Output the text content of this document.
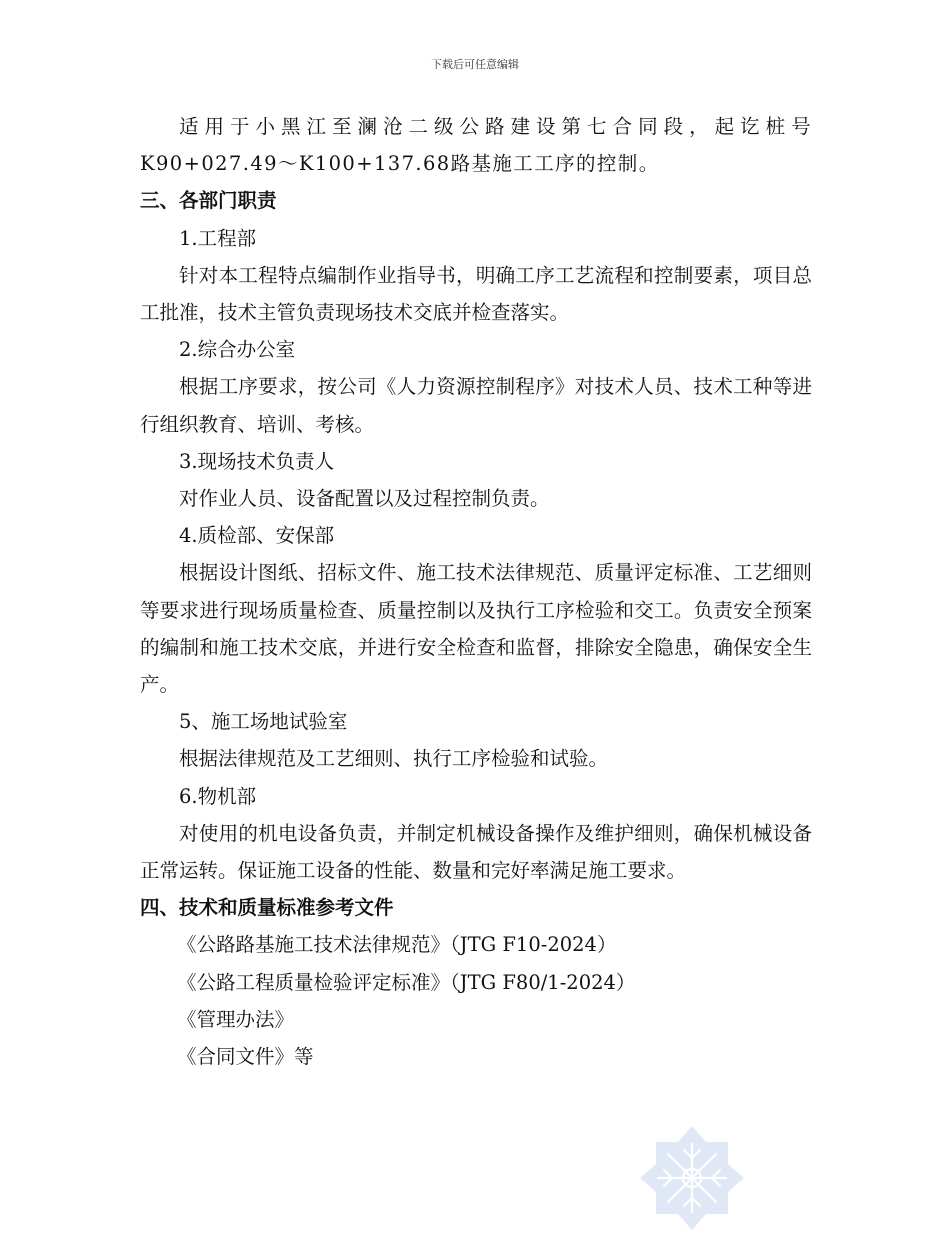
下载后可任意编辑

适用于小黑江至澜沧二级公路建设第七合同段，起讫桩号K90+027.49～K100+137.68路基施工工序的控制。

三、各部门职责

1.工程部

针对本工程特点编制作业指导书，明确工序工艺流程和控制要素，项目总工批准，技术主管负责现场技术交底并检查落实。

2.综合办公室

根据工序要求，按公司《人力资源控制程序》对技术人员、技术工种等进行组织教育、培训、考核。

3.现场技术负责人

对作业人员、设备配置以及过程控制负责。

4.质检部、安保部

根据设计图纸、招标文件、施工技术法律规范、质量评定标准、工艺细则等要求进行现场质量检查、质量控制以及执行工序检验和交工。负责安全预案的编制和施工技术交底，并进行安全检查和监督，排除安全隐患，确保安全生产。

5、施工场地试验室

根据法律规范及工艺细则、执行工序检验和试验。

6.物机部

对使用的机电设备负责，并制定机械设备操作及维护细则，确保机械设备正常运转。保证施工设备的性能、数量和完好率满足施工要求。

四、技术和质量标准参考文件

《公路路基施工技术法律规范》（JTG F10-2024）

《公路工程质量检验评定标准》（JTG F80/1-2024）

《管理办法》

《合同文件》等
